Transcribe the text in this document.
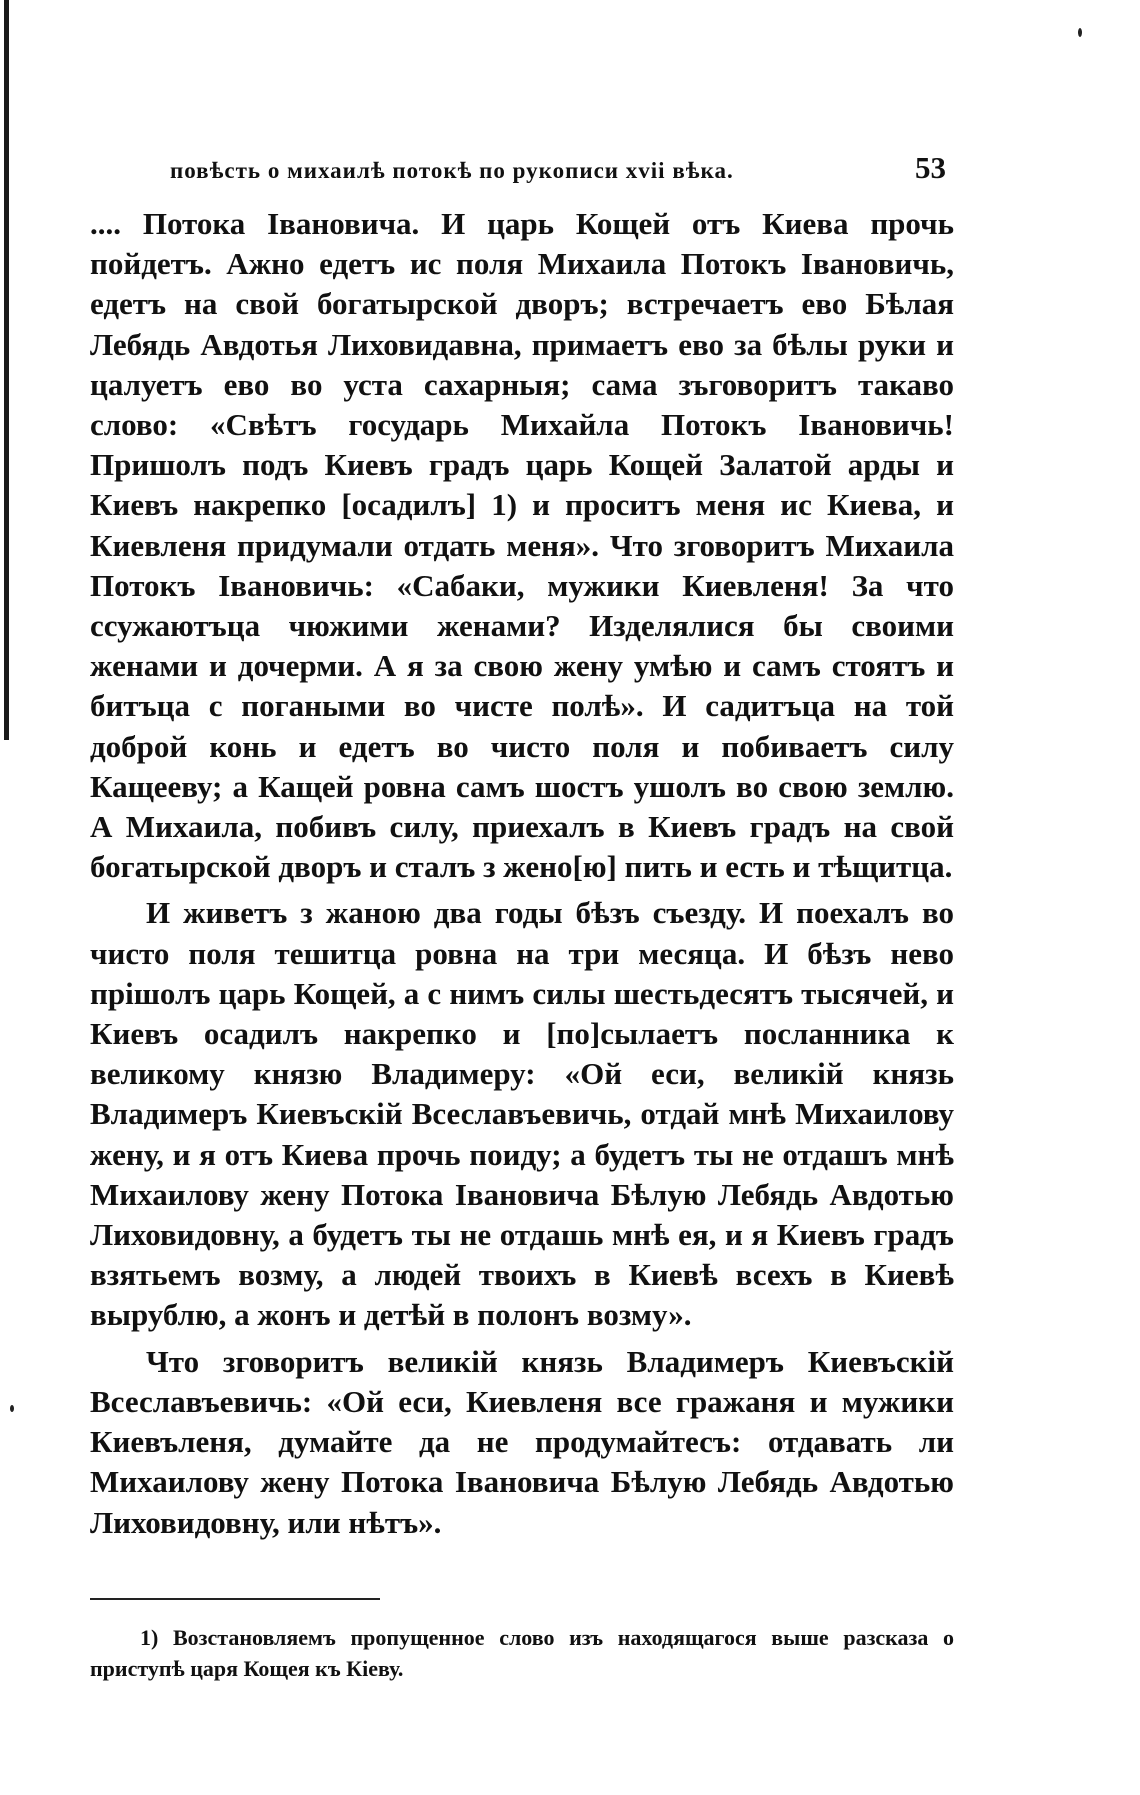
повѣсть о михаилѣ потокѣ по рукописи xvii вѣка.	53

.... Потока Івановича. И царь Кощей отъ Киева прочь пойдетъ. Ажно едетъ ис поля Михаила Потокъ Івановичь, едетъ на свой богатырской дворъ; встречаетъ ево Бѣлая Лебядь Авдотья Лиховидавна, примаетъ ево за бѣлы руки и цалуетъ ево во уста сахарныя; сама зъговоритъ такаво слово: «Свѣтъ государь Михайла Потокъ Івановичь! Пришолъ подъ Киевъ градъ царь Кощей Залатой арды и Киевъ накрепко [осадилъ] 1) и проситъ меня ис Киева, и Киевленя придумали отдать меня». Что зговоритъ Михаила Потокъ Івановичь: «Сабаки, мужики Киевленя! За что ссужаютъца чюжими женами? Изделялися бы своими женами и дочерми. А я за свою жену умѣю и самъ стоятъ и битъца с погаными во чисте полѣ». И садитъца на той доброй конь и едетъ во чисто поля и побиваетъ силу Кащееву; а Кащей ровна самъ шостъ ушолъ во свою землю. А Михаила, побивъ силу, приехалъ в Киевъ градъ на свой богатырской дворъ и сталъ з жено[ю] пить и есть и тѣщитца.

И живетъ з жаною два годы бѣзъ съезду. И поехалъ во чисто поля тешитца ровна на три месяца. И бѣзъ нево прішолъ царь Кощей, а с нимъ силы шестьдесятъ тысячей, и Киевъ осадилъ накрепко и [по]сылаетъ посланника к великому князю Владимеру: «Ой еси, великій князь Владимеръ Киевъскій Всеславъевичь, отдай мнѣ Михаилову жену, и я отъ Киева прочь поиду; а будетъ ты не отдашъ мнѣ Михаилову жену Потока Івановича Бѣлую Лебядь Авдотью Лиховидовну, а будетъ ты не отдашь мнѣ ея, и я Киевъ градъ взятьемъ возму, а людей твоихъ в Киевѣ всехъ в Киевѣ вырублю, а жонъ и детѣй в полонъ возму».

Что зговоритъ великій князь Владимеръ Киевъскій Всеславъевичь: «Ой еси, Киевленя все гражаня и мужики Киевъленя, думайте да не продумайтесъ: отдавать ли Михаилову жену Потока Івановича Бѣлую Лебядь Авдотью Лиховидовну, или нѣтъ».

1) Возстановляемъ пропущенное слово изъ находящагося выше разсказа о приступѣ царя Кощея къ Кіеву.
